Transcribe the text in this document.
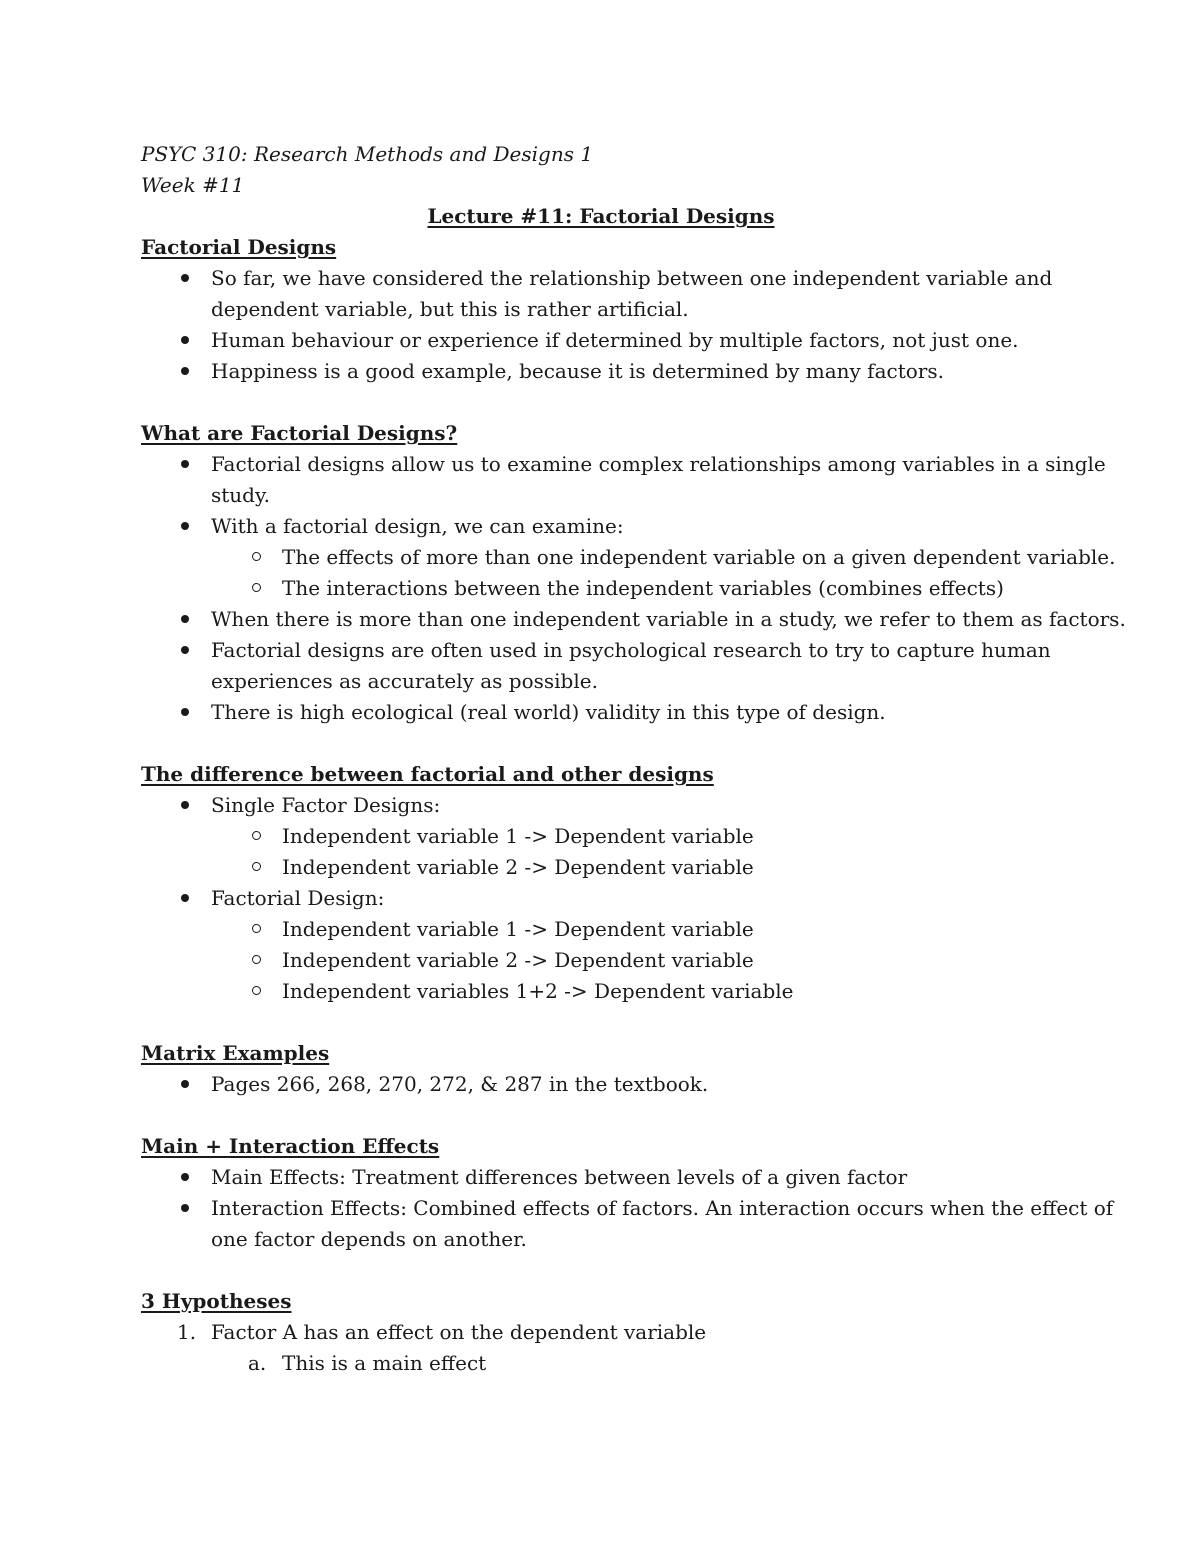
PSYC 310: Research Methods and Designs 1
Week #11
Lecture #11: Factorial Designs
Factorial Designs
So far, we have considered the relationship between one independent variable and
dependent variable, but this is rather artificial.
Human behaviour or experience if determined by multiple factors, not just one.
Happiness is a good example, because it is determined by many factors.
What are Factorial Designs?
Factorial designs allow us to examine complex relationships among variables in a single
study.
With a factorial design, we can examine:
The effects of more than one independent variable on a given dependent variable.
The interactions between the independent variables (combines effects)
When there is more than one independent variable in a study, we refer to them as factors.
Factorial designs are often used in psychological research to try to capture human
experiences as accurately as possible.
There is high ecological (real world) validity in this type of design.
The difference between factorial and other designs
Single Factor Designs:
Independent variable 1 -> Dependent variable
Independent variable 2 -> Dependent variable
Factorial Design:
Independent variable 1 -> Dependent variable
Independent variable 2 -> Dependent variable
Independent variables 1+2 -> Dependent variable
Matrix Examples
Pages 266, 268, 270, 272, & 287 in the textbook.
Main + Interaction Effects
Main Effects: Treatment differences between levels of a given factor
Interaction Effects: Combined effects of factors. An interaction occurs when the effect of
one factor depends on another.
3 Hypotheses
1. Factor A has an effect on the dependent variable
a. This is a main effect
